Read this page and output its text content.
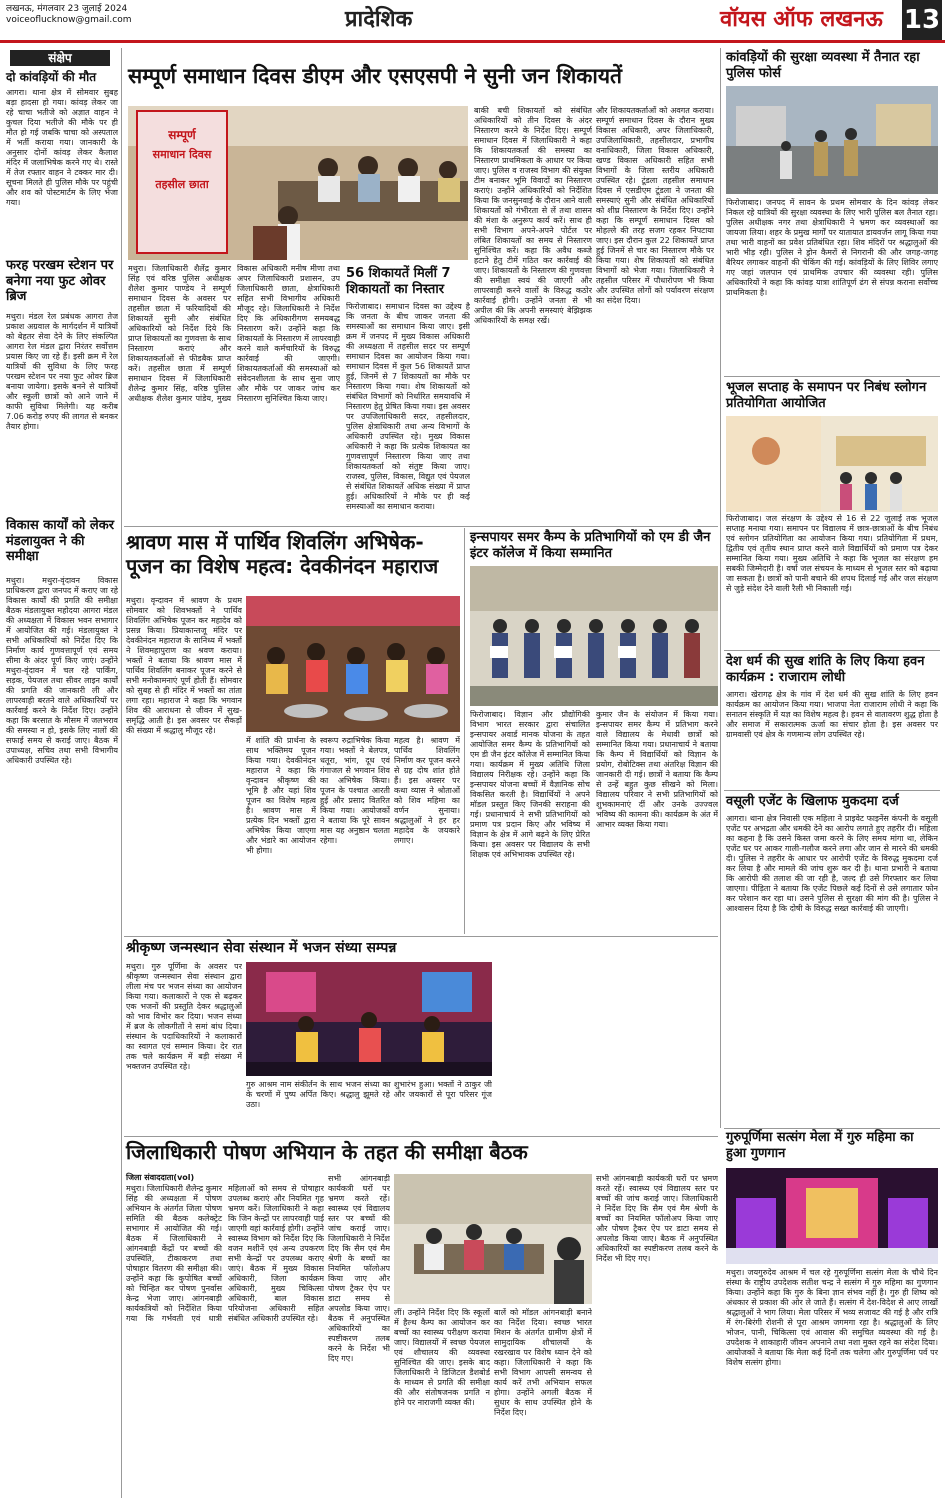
लखनऊ, मंगलवार 23 जुलाई 2024
voiceoflucknow@gmail.com	प्रादेशिक	वॉयस ऑफ लखनऊ 13
संक्षेप
दो कांवड़ियों की मौत
आगरा। थाना क्षेत्र में सोमवार सुबह बड़ा हादसा हो गया। कांवड़ लेकर जा रहे चाचा भतीजे को अज्ञात वाहन ने कुचल दिया भतीजे की मौके पर ही मौत हो गई जबकि चाचा को अस्पताल में भर्ती कराया गया। जानकारी के अनुसार दोनों कांवड़ लेकर कैलाश मंदिर में जलाभिषेक करने गए थे। रास्ते में तेज रफ्तार वाहन ने टक्कर मार दी। सूचना मिलते ही पुलिस मौके पर पहुंची और शव को पोस्टमार्टम के लिए भेजा गया।
फरह परखम स्टेशन पर बनेगा नया फुट ओवर ब्रिज
मथुरा। मंडल रेल प्रबंधक आगरा तेज प्रकाश अग्रवाल के मार्गदर्शन में यात्रियों को बेहतर सेवा देने के लिए संकल्पित आगरा रेल मंडल द्वारा निरंतर सर्वोत्तम प्रयास किए जा रहे हैं। इसी क्रम में रेल यात्रियों की सुविधा के लिए फरह परखम स्टेशन पर नया फुट ओवर ब्रिज बनाया जायेगा। इसके बनने से यात्रियों और स्कूली छात्रों को आने जाने में काफी सुविधा मिलेगी। यह करीब 7.06 करोड़ रुपए की लागत से बनकर तैयार होगा।
विकास कार्यों को लेकर मंडलायुक्त ने की समीक्षा
मथुरा। मथुरा-वृंदावन विकास प्राधिकरण द्वारा जनपद में कराए जा रहे विकास कार्यों की प्रगति की समीक्षा बैठक मंडलायुक्त महोदया आगरा मंडल की अध्यक्षता में विकास भवन सभागार में आयोजित की गई। मंडलायुक्त ने सभी अधिकारियों को निर्देश दिए कि निर्माण कार्य गुणवत्तापूर्ण एवं समय सीमा के अंदर पूर्ण किए जाएं। उन्होंने मथुरा-वृंदावन में चल रहे पार्किंग, सड़क, पेयजल तथा सीवर लाइन कार्यों की प्रगति की जानकारी ली और लापरवाही बरतने वाले अधिकारियों पर कार्रवाई करने के निर्देश दिए। उन्होंने कहा कि बरसात के मौसम में जलभराव की समस्या न हो, इसके लिए नालों की सफाई समय से कराई जाए। बैठक में उपाध्यक्ष, सचिव तथा सभी विभागीय अधिकारी उपस्थित रहे।
सम्पूर्ण समाधान दिवस डीएम और एसएसपी ने सुनी जन शिकायतें
सम्पूर्ण
समाधान दिवस
तहसील छाता
मथुरा। जिलाधिकारी शैलेंद्र कुमार सिंह एवं वरिष्ठ पुलिस अधीक्षक शैलेश कुमार पाण्डेय ने सम्पूर्ण समाधान दिवस के अवसर पर तहसील छाता में फरियादियों की शिकायतें सुनी और संबंधित अधिकारियों को निर्देश दिये कि प्राप्त शिकायतों का गुणवत्ता के साथ निस्तारण कराएं और शिकायतकर्ताओं से फीडबैक प्राप्त करें। तहसील छाता में सम्पूर्ण समाधान दिवस में जिलाधिकारी शैलेन्द्र कुमार सिंह, वरिष्ठ पुलिस अधीक्षक शैलेश कुमार पांडेय, मुख्य विकास अधिकारी मनीष मीणा तथा अपर जिलाधिकारी प्रशासन, उप जिलाधिकारी छाता, क्षेत्राधिकारी सहित सभी विभागीय अधिकारी मौजूद रहे। जिलाधिकारी ने निर्देश दिए कि अधिकारीगण समयबद्ध निस्तारण करें। उन्होंने कहा कि शिकायतों के निस्तारण में लापरवाही करने वाले कर्मचारियों के विरुद्ध कार्रवाई की जाएगी। शिकायतकर्ताओं की समस्याओं को संवेदनशीलता के साथ सुना जाए और मौके पर जाकर जांच कर निस्तारण सुनिश्चित किया जाए।
56 शिकायतें मिलीं 7 शिकायतों का निस्तार
फिरोजाबाद। समाधान दिवस का उद्देश्य है कि जनता के बीच जाकर जनता की समस्याओं का समाधान किया जाए। इसी क्रम में जनपद में मुख्य विकास अधिकारी की अध्यक्षता में तहसील सदर पर सम्पूर्ण समाधान दिवस का आयोजन किया गया। समाधान दिवस में कुल 56 शिकायतें प्राप्त हुई, जिनमें से 7 शिकायतों का मौके पर निस्तारण किया गया। शेष शिकायतों को संबंधित विभागों को निर्धारित समयावधि में निस्तारण हेतु प्रेषित किया गया। इस अवसर पर उपजिलाधिकारी सदर, तहसीलदार, पुलिस क्षेत्राधिकारी तथा अन्य विभागों के अधिकारी उपस्थित रहे। मुख्य विकास अधिकारी ने कहा कि प्रत्येक शिकायत का गुणवत्तापूर्ण निस्तारण किया जाए तथा शिकायतकर्ता को संतुष्ट किया जाए। राजस्व, पुलिस, विकास, विद्युत एवं पेयजल से संबंधित शिकायतें अधिक संख्या में प्राप्त हुई। अधिकारियों ने मौके पर ही कई समस्याओं का समाधान कराया।
बाकी बची शिकायतों को संबंधित अधिकारियों को तीन दिवस के अंदर निस्तारण करने के निर्देश दिए। सम्पूर्ण समाधान दिवस में जिलाधिकारी ने कहा कि शिकायतकर्ता की समस्या का निस्तारण प्राथमिकता के आधार पर किया जाए। पुलिस व राजस्व विभाग की संयुक्त टीम बनाकर भूमि विवादों का निस्तारण कराएं। उन्होंने अधिकारियों को निर्देशित किया कि जनसुनवाई के दौरान आने वाली शिकायतों को गंभीरता से लें तथा शासन की मंशा के अनुरूप कार्य करें। साथ ही सभी विभाग अपने-अपने पोर्टल पर लंबित शिकायतों का समय से निस्तारण सुनिश्चित करें। कहा कि अवैध कब्जे हटाने हेतु टीमें गठित कर कार्रवाई की जाए। शिकायतों के निस्तारण की गुणवत्ता की समीक्षा स्वयं की जाएगी और लापरवाही करने वालों के विरुद्ध कठोर कार्रवाई होगी। उन्होंने जनता से भी अपील की कि अपनी समस्याएं बेझिझक अधिकारियों के समक्ष रखें।
और शिकायतकर्ताओं को अवगत कराया। सम्पूर्ण समाधान दिवस के दौरान मुख्य विकास अधिकारी, अपर जिलाधिकारी, उपजिलाधिकारी, तहसीलदार, प्रभागीय वनाधिकारी, जिला विकास अधिकारी, खण्ड विकास अधिकारी सहित सभी विभागों के जिला स्तरीय अधिकारी उपस्थित रहे। टूंडला तहसील समाधान दिवस में एसडीएम टूंडला ने जनता की समस्याएं सुनी और संबंधित अधिकारियों को शीघ्र निस्तारण के निर्देश दिए। उन्होंने कहा कि सम्पूर्ण समाधान दिवस को मोहल्ले की तरह सजग रहकर निपटाया जाए। इस दौरान कुल 22 शिकायतें प्राप्त हुई जिनमें से चार का निस्तारण मौके पर किया गया। शेष शिकायतों को संबंधित विभागों को भेजा गया। जिलाधिकारी ने तहसील परिसर में पौधारोपण भी किया और उपस्थित लोगों को पर्यावरण संरक्षण का संदेश दिया।
कांवड़ियों की सुरक्षा व्यवस्था में तैनात रहा पुलिस फोर्स
फिरोजाबाद। जनपद में सावन के प्रथम सोमवार के दिन कांवड़ लेकर निकल रहे यात्रियों की सुरक्षा व्यवस्था के लिए भारी पुलिस बल तैनात रहा। पुलिस अधीक्षक नगर तथा क्षेत्राधिकारी ने भ्रमण कर व्यवस्थाओं का जायजा लिया। शहर के प्रमुख मार्गों पर यातायात डायवर्जन लागू किया गया तथा भारी वाहनों का प्रवेश प्रतिबंधित रहा। शिव मंदिरों पर श्रद्धालुओं की भारी भीड़ रही। पुलिस ने ड्रोन कैमरों से निगरानी की और जगह-जगह बैरियर लगाकर वाहनों की चेकिंग की गई। कांवड़ियों के लिए शिविर लगाए गए जहां जलपान एवं प्राथमिक उपचार की व्यवस्था रही। पुलिस अधिकारियों ने कहा कि कांवड़ यात्रा शांतिपूर्ण ढंग से संपन्न कराना सर्वोच्च प्राथमिकता है।
भूजल सप्ताह के समापन पर निबंध स्लोगन प्रतियोगिता आयोजित
फिरोजाबाद। जल संरक्षण के उद्देश्य से 16 से 22 जुलाई तक भूजल सप्ताह मनाया गया। समापन पर विद्यालय में छात्र-छात्राओं के बीच निबंध एवं स्लोगन प्रतियोगिता का आयोजन किया गया। प्रतियोगिता में प्रथम, द्वितीय एवं तृतीय स्थान प्राप्त करने वाले विद्यार्थियों को प्रमाण पत्र देकर सम्मानित किया गया। मुख्य अतिथि ने कहा कि भूजल का संरक्षण हम सबकी जिम्मेदारी है। वर्षा जल संचयन के माध्यम से भूजल स्तर को बढ़ाया जा सकता है। छात्रों को पानी बचाने की शपथ दिलाई गई और जल संरक्षण से जुड़े संदेश देने वाली रैली भी निकाली गई।
देश धर्म की सुख शांति के लिए किया हवन कार्यक्रम : राजाराम लोधी
आगरा। खेरागढ़ क्षेत्र के गांव में देश धर्म की सुख शांति के लिए हवन कार्यक्रम का आयोजन किया गया। भाजपा नेता राजाराम लोधी ने कहा कि सनातन संस्कृति में यज्ञ का विशेष महत्व है। हवन से वातावरण शुद्ध होता है और समाज में सकारात्मक ऊर्जा का संचार होता है। इस अवसर पर ग्रामवासी एवं क्षेत्र के गणमान्य लोग उपस्थित रहे।
वसूली एजेंट के खिलाफ मुकदमा दर्ज
आगरा। थाना क्षेत्र निवासी एक महिला ने प्राइवेट फाइनेंस कंपनी के वसूली एजेंट पर अभद्रता और धमकी देने का आरोप लगाते हुए तहरीर दी। महिला का कहना है कि उसने किस्त जमा करने के लिए समय मांगा था, लेकिन एजेंट घर पर आकर गाली-गलौज करने लगा और जान से मारने की धमकी दी। पुलिस ने तहरीर के आधार पर आरोपी एजेंट के विरुद्ध मुकदमा दर्ज कर लिया है और मामले की जांच शुरू कर दी है। थाना प्रभारी ने बताया कि आरोपी की तलाश की जा रही है, जल्द ही उसे गिरफ्तार कर लिया जाएगा। पीड़िता ने बताया कि एजेंट पिछले कई दिनों से उसे लगातार फोन कर परेशान कर रहा था। उसने पुलिस से सुरक्षा की मांग की है। पुलिस ने आश्वासन दिया है कि दोषी के विरुद्ध सख्त कार्रवाई की जाएगी।
श्रावण मास में पार्थिव शिवलिंग अभिषेक-पूजन का विशेष महत्व: देवकीनंदन महाराज
मथुरा। वृन्दावन में श्रावण के प्रथम सोमवार को शिवभक्तों ने पार्थिव शिवलिंग अभिषेक पूजन कर महादेव को प्रसन्न किया। प्रियाकान्तजू मंदिर पर देवकीनंदन महाराज के सानिध्य में भक्तों ने शिवमहापुराण का श्रवण कराया। भक्तों ने बताया कि श्रावण मास में पार्थिव शिवलिंग बनाकर पूजन करने से सभी मनोकामनाएं पूर्ण होती हैं। सोमवार को सुबह से ही मंदिर में भक्तों का तांता लगा रहा। महाराज ने कहा कि भगवान शिव की आराधना से जीवन में सुख-समृद्धि आती है। इस अवसर पर सैकड़ों की संख्या में श्रद्धालु मौजूद रहे।
में शांति की प्रार्थना के साथ भक्तिमय पूजन किया गया। देवकीनंदन महाराज ने कहा कि वृन्दावन श्रीकृष्ण की भूमि है और यहां शिव पूजन का विशेष महत्व है। श्रावण मास में प्रत्येक दिन भक्तों द्वारा अभिषेक किया जाएगा और भंडारे का आयोजन भी होगा।
स्वरूप रुद्राभिषेक किया गया। भक्तों ने बेलपत्र, धतूरा, भांग, दूध एवं गंगाजल से भगवान शिव का अभिषेक किया। पूजन के पश्चात आरती हुई और प्रसाद वितरित किया गया। आयोजकों ने बताया कि पूरे सावन मास यह अनुष्ठान चलता रहेगा।
महत्व है। श्रावण में पार्थिव शिवलिंग निर्माण कर पूजन करने से ग्रह दोष शांत होते हैं। इस अवसर पर कथा व्यास ने श्रोताओं को शिव महिमा का वर्णन सुनाया। श्रद्धालुओं ने हर हर महादेव के जयकारे लगाए।
इन्सपायर समर कैम्प के प्रतिभागियों को एम डी जैन इंटर कॉलेज में किया सम्मानित
फिरोजाबाद। विज्ञान और प्रौद्योगिकी विभाग भारत सरकार द्वारा संचालित इन्सपायर अवार्ड मानक योजना के तहत आयोजित समर कैम्प के प्रतिभागियों को एम डी जैन इंटर कॉलेज में सम्मानित किया गया। कार्यक्रम में मुख्य अतिथि जिला विद्यालय निरीक्षक रहे। उन्होंने कहा कि इन्सपायर योजना बच्चों में वैज्ञानिक सोच विकसित करती है। विद्यार्थियों ने अपने मॉडल प्रस्तुत किए जिनकी सराहना की गई। प्रधानाचार्य ने सभी प्रतिभागियों को प्रमाण पत्र प्रदान किए और भविष्य में विज्ञान के क्षेत्र में आगे बढ़ने के लिए प्रेरित किया। इस अवसर पर विद्यालय के सभी शिक्षक एवं अभिभावक उपस्थित रहे।
कुमार जैन के संयोजन में किया गया। इन्सपायर समर कैम्प में प्रतिभाग करने वाले विद्यालय के मेधावी छात्रों को सम्मानित किया गया। प्रधानाचार्य ने बताया कि कैम्प में विद्यार्थियों को विज्ञान के प्रयोग, रोबोटिक्स तथा अंतरिक्ष विज्ञान की जानकारी दी गई। छात्रों ने बताया कि कैम्प से उन्हें बहुत कुछ सीखने को मिला। विद्यालय परिवार ने सभी प्रतिभागियों को शुभकामनाएं दीं और उनके उज्ज्वल भविष्य की कामना की। कार्यक्रम के अंत में आभार व्यक्त किया गया।
श्रीकृष्ण जन्मस्थान सेवा संस्थान में भजन संध्या सम्पन्न
मथुरा। गुरु पूर्णिमा के अवसर पर श्रीकृष्ण जन्मस्थान सेवा संस्थान द्वारा लीला मंच पर भजन संध्या का आयोजन किया गया। कलाकारों ने एक से बढ़कर एक भजनों की प्रस्तुति देकर श्रद्धालुओं को भाव विभोर कर दिया। भजन संध्या में ब्रज के लोकगीतों ने समां बांध दिया। संस्थान के पदाधिकारियों ने कलाकारों का स्वागत एवं सम्मान किया। देर रात तक चले कार्यक्रम में बड़ी संख्या में भक्तजन उपस्थित रहे।
गुरु आश्रम नाम संकीर्तन के साथ भजन संध्या का शुभारंभ हुआ। भक्तों ने ठाकुर जी के चरणों में पुष्प अर्पित किए। श्रद्धालु झूमते रहे और जयकारों से पूरा परिसर गूंज उठा।
जिलाधिकारी पोषण अभियान के तहत की समीक्षा बैठक
जिला संवाददाता(vol)
मथुरा। जिलाधिकारी शैलेन्द्र कुमार सिंह की अध्यक्षता में पोषण अभियान के अंतर्गत जिला पोषण समिति की बैठक कलेक्ट्रेट सभागार में आयोजित की गई। बैठक में जिलाधिकारी ने आंगनबाड़ी केंद्रों पर बच्चों की उपस्थिति, टीकाकरण तथा पोषाहार वितरण की समीक्षा की। उन्होंने कहा कि कुपोषित बच्चों को चिन्हित कर पोषण पुनर्वास केन्द्र भेजा जाए। आंगनबाड़ी कार्यकत्रियों को निर्देशित किया गया कि गर्भवती एवं धात्री महिलाओं को समय से पोषाहार उपलब्ध कराएं और नियमित गृह भ्रमण करें। जिलाधिकारी ने कहा कि जिन केन्द्रों पर लापरवाही पाई जाएगी वहां कार्रवाई होगी। उन्होंने स्वास्थ्य विभाग को निर्देश दिए कि वजन मशीनें एवं अन्य उपकरण सभी केन्द्रों पर उपलब्ध कराए जाएं। बैठक में मुख्य विकास अधिकारी, जिला कार्यक्रम अधिकारी, मुख्य चिकित्सा अधिकारी, बाल विकास परियोजना अधिकारी सहित संबंधित अधिकारी उपस्थित रहे।
सभी आंगनबाड़ी कार्यकत्री घरों पर भ्रमण करते रहें। स्वास्थ्य एवं विद्यालय स्तर पर बच्चों की जांच कराई जाए। जिलाधिकारी ने निर्देश दिए कि सैम एवं मैम श्रेणी के बच्चों का नियमित फॉलोअप किया जाए और पोषण ट्रैकर ऐप पर डाटा समय से अपलोड किया जाए। बैठक में अनुपस्थित अधिकारियों का स्पष्टीकरण तलब करने के निर्देश भी दिए गए।
लीं। उन्होंने निर्देश दिए कि स्कूलों में हैल्थ कैम्प का आयोजन कर बच्चों का स्वास्थ्य परीक्षण कराया जाए। विद्यालयों में स्वच्छ पेयजल एवं शौचालय की व्यवस्था सुनिश्चित की जाए। इसके बाद जिलाधिकारी ने डिजिटल डैशबोर्ड के माध्यम से प्रगति की समीक्षा की और संतोषजनक प्रगति न होने पर नाराजगी व्यक्त की।
बालें को मॉडल आंगनबाड़ी बनाने का निर्देश दिया। स्वच्छ भारत मिशन के अंतर्गत ग्रामीण क्षेत्रों में सामुदायिक शौचालयों के रखरखाव पर विशेष ध्यान देने को कहा। जिलाधिकारी ने कहा कि सभी विभाग आपसी समन्वय से कार्य करें तभी अभियान सफल होगा। उन्होंने अगली बैठक में सुधार के साथ उपस्थित होने के निर्देश दिए।
सभी आंगनबाड़ी कार्यकत्री घरों पर भ्रमण करते रहें। स्वास्थ्य एवं विद्यालय स्तर पर बच्चों की जांच कराई जाए। जिलाधिकारी ने निर्देश दिए कि सैम एवं मैम श्रेणी के बच्चों का नियमित फॉलोअप किया जाए और पोषण ट्रैकर ऐप पर डाटा समय से अपलोड किया जाए। बैठक में अनुपस्थित अधिकारियों का स्पष्टीकरण तलब करने के निर्देश भी दिए गए।
गुरुपूर्णिमा सत्संग मेला में गुरु महिमा का हुआ गुणगान
मथुरा। जयगुरुदेव आश्रम में चल रहे गुरुपूर्णिमा सत्संग मेला के चौथे दिन संस्था के राष्ट्रीय उपदेशक सतीश चन्द्र ने सत्संग में गुरु महिमा का गुणगान किया। उन्होंने कहा कि गुरु के बिना ज्ञान संभव नहीं है। गुरु ही शिष्य को अंधकार से प्रकाश की ओर ले जाते हैं। सत्संग में देश-विदेश से आए लाखों श्रद्धालुओं ने भाग लिया। मेला परिसर में भव्य सजावट की गई है और रात्रि में रंग-बिरंगी रोशनी से पूरा आश्रम जगमगा रहा है। श्रद्धालुओं के लिए भोजन, पानी, चिकित्सा एवं आवास की समुचित व्यवस्था की गई है। उपदेशक ने शाकाहारी जीवन अपनाने तथा नशा मुक्त रहने का संदेश दिया। आयोजकों ने बताया कि मेला कई दिनों तक चलेगा और गुरुपूर्णिमा पर्व पर विशेष सत्संग होगा।
